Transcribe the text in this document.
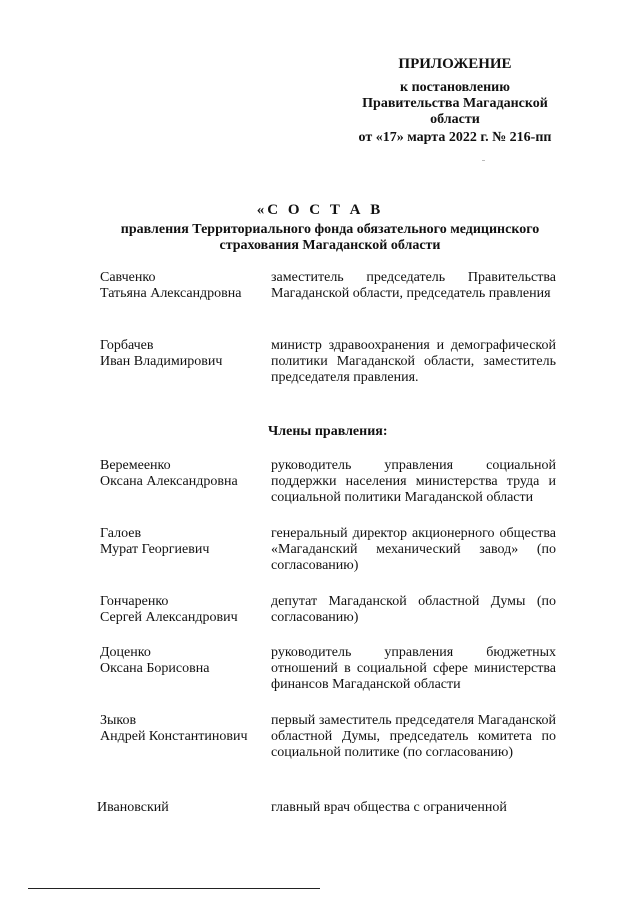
ПРИЛОЖЕНИЕ
к постановлению
Правительства Магаданской
области
от «17» марта 2022 г. № 216-пп
«С О С Т А В
правления Территориального фонда обязательного медицинского страхования Магаданской области
Савченко
Татьяна Александровна
заместитель председатель Правительства Магаданской области, председатель правления
Горбачев
Иван Владимирович
министр здравоохранения и демографической политики Магаданской области, заместитель председателя правления.
Члены правления:
Веремеенко
Оксана Александровна
руководитель управления социальной поддержки населения министерства труда и социальной политики Магаданской области
Галоев
Мурат Георгиевич
генеральный директор акционерного общества «Магаданский механический завод» (по согласованию)
Гончаренко
Сергей Александрович
депутат Магаданской областной Думы (по согласованию)
Доценко
Оксана Борисовна
руководитель управления бюджетных отношений в социальной сфере министерства финансов Магаданской области
Зыков
Андрей Константинович
первый заместитель председателя Магаданской областной Думы, председатель комитета по социальной политике (по согласованию)
Ивановский	главный врач общества с ограниченной
